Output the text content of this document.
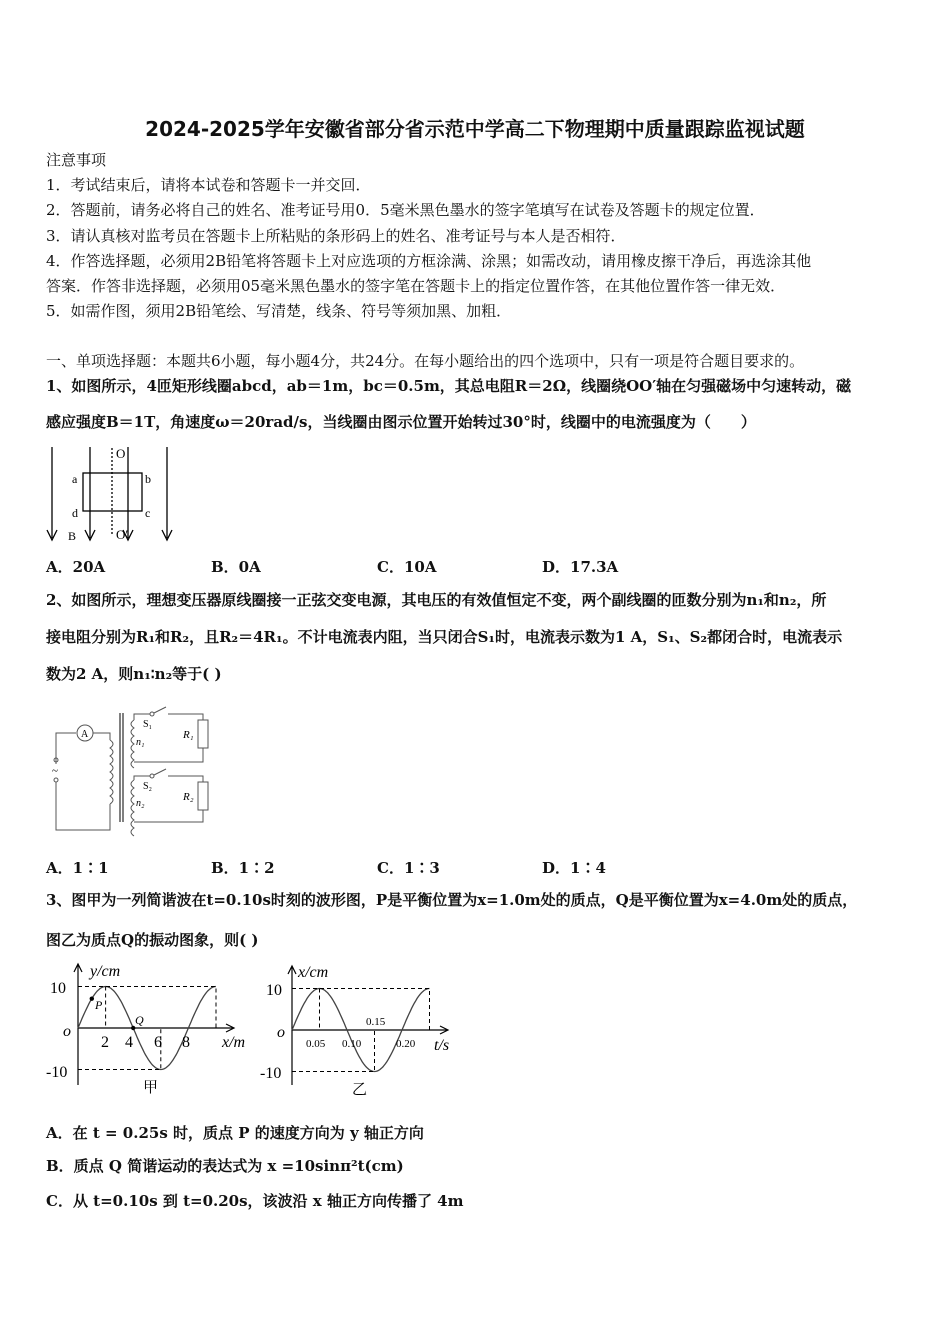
2024-2025学年安徽省部分省示范中学高二下物理期中质量跟踪监视试题
注意事项
1．考试结束后，请将本试卷和答题卡一并交回．
2．答题前，请务必将自己的姓名、准考证号用0．5毫米黑色墨水的签字笔填写在试卷及答题卡的规定位置．
3．请认真核对监考员在答题卡上所粘贴的条形码上的姓名、准考证号与本人是否相符．
4．作答选择题，必须用2B铅笔将答题卡上对应选项的方框涂满、涂黑；如需改动，请用橡皮擦干净后，再选涂其他
答案．作答非选择题，必须用05毫米黑色墨水的签字笔在答题卡上的指定位置作答，在其他位置作答一律无效．
5．如需作图，须用2B铅笔绘、写清楚，线条、符号等须加黑、加粗．
一、单项选择题：本题共6小题，每小题4分，共24分。在每小题给出的四个选项中，只有一项是符合题目要求的。
1、如图所示，4匝矩形线圈abcd，ab＝1m，bc＝0.5m，其总电阻R＝2Ω，线圈绕OO′轴在匀强磁场中匀速转动，磁
感应强度B＝1T，角速度ω＝20rad/s，当线圈由图示位置开始转过30°时，线圈中的电流强度为（　　）
O
a	b
c
d
B	O′
A．20A	B．0A	C．10A	D．17.3A
2、如图所示，理想变压器原线圈接一正弦交变电源，其电压的有效值恒定不变，两个副线圈的匝数分别为n₁和n₂，所
接电阻分别为R₁和R₂，且R₂＝4R₁。不计电流表内阻，当只闭合S₁时，电流表示数为1 A，S₁、S₂都闭合时，电流表示
数为2 A，则n₁∶n₂等于( )
A
~
S₁
S₂
n₁
n₂
R₁
R₂
A．1∶1	B．1∶2	C．1∶3	D．1∶4
3、图甲为一列简谐波在t=0.10s时刻的波形图，P是平衡位置为x=1.0m处的质点，Q是平衡位置为x=4.0m处的质点，
图乙为质点Q的振动图象，则( )
y/cm
10
-10
o
2 4 6 8 x/m
甲
P
Q
x/cm
10
-10
o
0.05 0.10
0.15
0.20 t/s
乙
A．在 t = 0.25s 时，质点 P 的速度方向为 y 轴正方向
B．质点 Q 简谐运动的表达式为 x =10sinπ²t(cm)
C．从 t=0.10s 到 t=0.20s，该波沿 x 轴正方向传播了 4m
